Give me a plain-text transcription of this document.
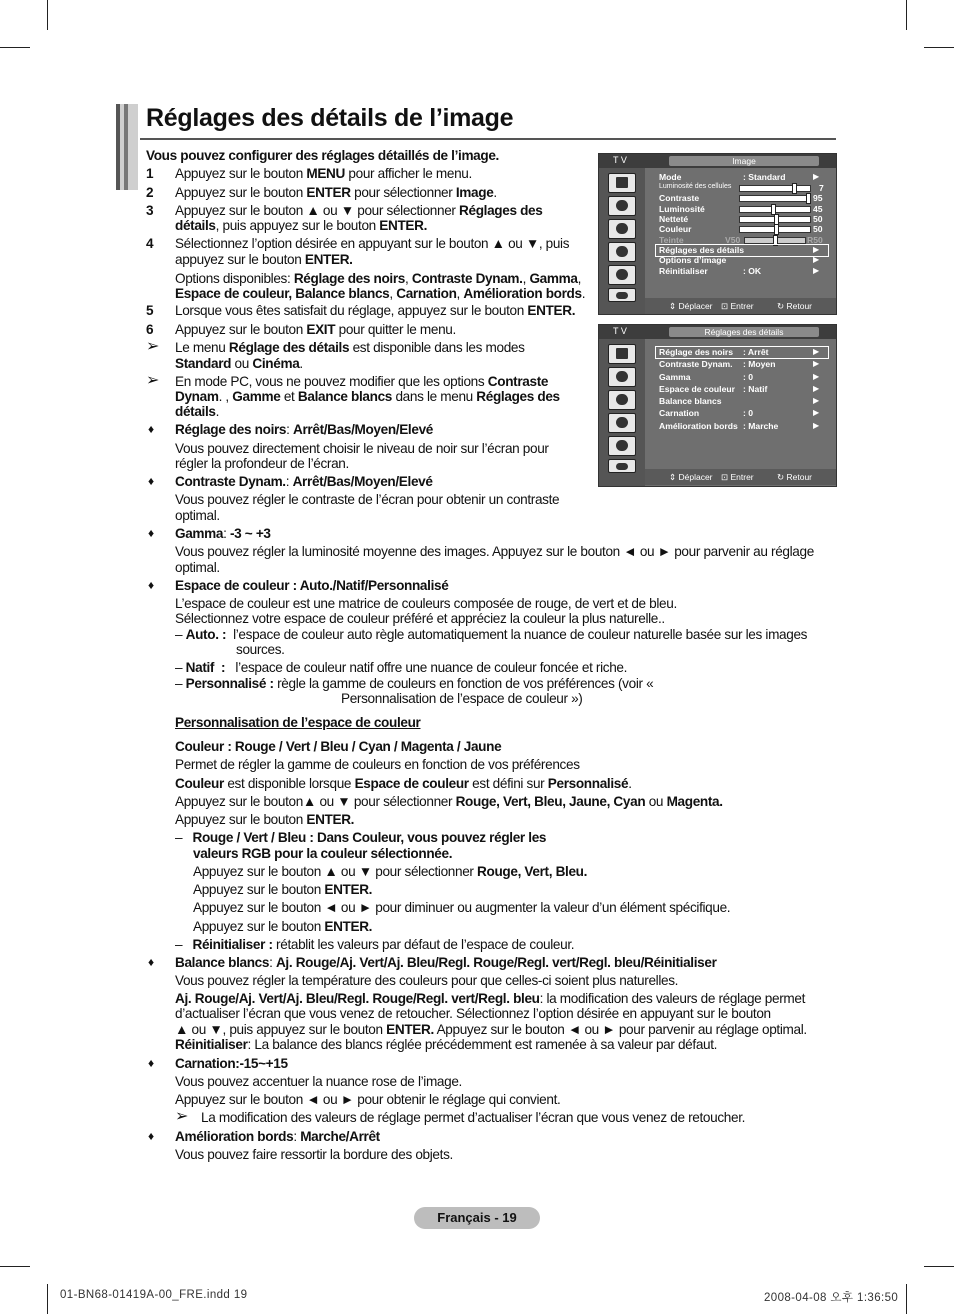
Réglages des détails de l’image
T V	Image
Mode	: Standard	▶
Luminosité des cellules	7
Contraste	95
Luminosité	45
Netteté	50
Couleur	50
Teinte	V50	R50
Réglages des détails	▶
Options d’image	▶
Réinitialiser	: OK	▶
⇕ Déplacer ⊡ Entrer	↻ Retour
T V	Réglages des détails
Réglage des noirs : Arrêt	▶
Contraste Dynam. : Moyen	▶
Gamma	: 0	▶
Espace de couleur : Natif	▶
Balance blancs	▶
Carnation	: 0	▶
Amélioration bords : Marche	▶
⇕ Déplacer ⊡ Entrer	↻ Retour
Vous pouvez configurer des réglages détaillés de l’image.
Appuyez sur le bouton MENU pour afficher le menu.
Appuyez sur le bouton ENTER pour sélectionner Image.
Appuyez sur le bouton ▲ ou ▼ pour sélectionner Réglages des
détails, puis appuyez sur le bouton ENTER.
Sélectionnez l’option désirée en appuyant sur le bouton ▲ ou ▼, puis
appuyez sur le bouton ENTER.
Options disponibles: Réglage des noirs, Contraste Dynam., Gamma,
Espace de couleur, Balance blancs, Carnation, Amélioration bords.
Lorsque vous êtes satisfait du réglage, appuyez sur le bouton ENTER.
Appuyez sur le bouton EXIT pour quitter le menu.
Le menu Réglage des détails est disponible dans les modes
Standard ou Cinéma.
En mode PC, vous ne pouvez modifier que les options Contraste
Dynam. , Gamme et Balance blancs dans le menu Réglages des
détails.
Réglage des noirs: Arrêt/Bas/Moyen/Elevé
Vous pouvez directement choisir le niveau de noir sur l’écran pour
régler la profondeur de l’écran.
Contraste Dynam.: Arrêt/Bas/Moyen/Elevé
Vous pouvez régler le contraste de l’écran pour obtenir un contraste
optimal.
Gamma: -3 ~ +3
Vous pouvez régler la luminosité moyenne des images. Appuyez sur le bouton ◄ ou ► pour parvenir au réglage
optimal.
Espace de couleur : Auto./Natif/Personnalisé
L’espace de couleur est une matrice de couleurs composée de rouge, de vert et de bleu.
Sélectionnez votre espace de couleur préféré et appréciez la couleur la plus naturelle..
– Auto. :  l’espace de couleur auto règle automatiquement la nuance de couleur naturelle basée sur les images
sources.
– Natif  :   l’espace de couleur natif offre une nuance de couleur foncée et riche.
– Personnalisé : règle la gamme de couleurs en fonction de vos préférences (voir «
Personnalisation de l’espace de couleur »)
Personnalisation de l’espace de couleur
Couleur : Rouge / Vert / Bleu / Cyan / Magenta / Jaune
Permet de régler la gamme de couleurs en fonction de vos préférences
Couleur est disponible lorsque Espace de couleur est défini sur Personnalisé.
Appuyez sur le bouton▲ ou ▼ pour sélectionner Rouge, Vert, Bleu, Jaune, Cyan ou Magenta.
Appuyez sur le bouton ENTER.
–   Rouge / Vert / Bleu : Dans Couleur, vous pouvez régler les
valeurs RGB pour la couleur sélectionnée.
Appuyez sur le bouton ▲ ou ▼ pour sélectionner Rouge, Vert, Bleu.
Appuyez sur le bouton ENTER.
Appuyez sur le bouton ◄ ou ► pour diminuer ou augmenter la valeur d’un élément spécifique.
Appuyez sur le bouton ENTER.
–   Réinitialiser : rétablit les valeurs par défaut de l’espace de couleur.
Balance blancs: Aj. Rouge/Aj. Vert/Aj. Bleu/Regl. Rouge/Regl. vert/Regl. bleu/Réinitialiser
Vous pouvez régler la température des couleurs pour que celles-ci soient plus naturelles.
Aj. Rouge/Aj. Vert/Aj. Bleu/Regl. Rouge/Regl. vert/Regl. bleu: la modification des valeurs de réglage permet
d’actualiser l’écran que vous venez de retoucher. Sélectionnez l’option désirée en appuyant sur le bouton
▲ ou ▼, puis appuyez sur le bouton ENTER. Appuyez sur le bouton ◄ ou ► pour parvenir au réglage optimal.
Réinitialiser: La balance des blancs réglée précédemment est ramenée à sa valeur par défaut.
Carnation:-15~+15
Vous pouvez accentuer la nuance rose de l’image.
Appuyez sur le bouton ◄ ou ► pour obtenir le réglage qui convient.
La modification des valeurs de réglage permet d’actualiser l’écran que vous venez de retoucher.
Amélioration bords: Marche/Arrêt
Vous pouvez faire ressortir la bordure des objets.
1
2
3
4
5
6
➢
➢
♦
♦
♦
♦
♦
♦
♦
➢
Français - 19
01-BN68-01419A-00_FRE.indd 19	2008-04-08 오후 1:36:50
